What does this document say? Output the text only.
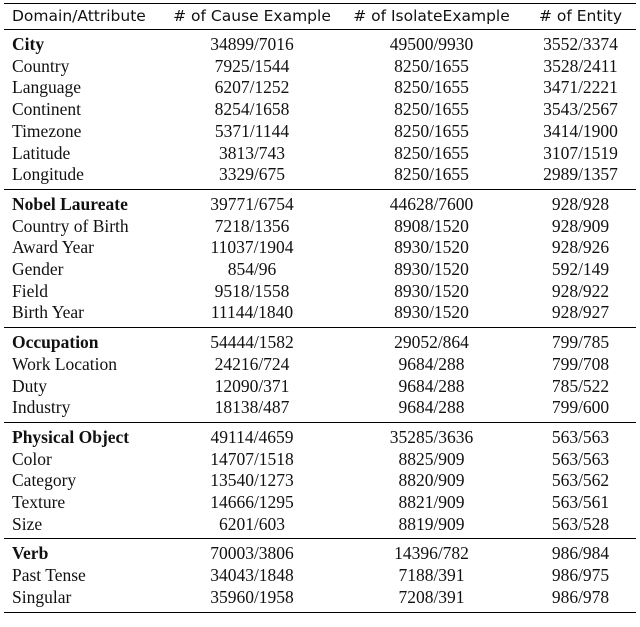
Domain/Attribute	# of Cause Example	# of IsolateExample	# of Entity
City	34899/7016	49500/9930	3552/3374
Country	7925/1544	8250/1655	3528/2411
Language	6207/1252	8250/1655	3471/2221
Continent	8254/1658	8250/1655	3543/2567
Timezone	5371/1144	8250/1655	3414/1900
Latitude	3813/743	8250/1655	3107/1519
Longitude	3329/675	8250/1655	2989/1357
Nobel Laureate	39771/6754	44628/7600	928/928
Country of Birth	7218/1356	8908/1520	928/909
Award Year	11037/1904	8930/1520	928/926
Gender	854/96	8930/1520	592/149
Field	9518/1558	8930/1520	928/922
Birth Year	11144/1840	8930/1520	928/927
Occupation	54444/1582	29052/864	799/785
Work Location	24216/724	9684/288	799/708
Duty	12090/371	9684/288	785/522
Industry	18138/487	9684/288	799/600
Physical Object	49114/4659	35285/3636	563/563
Color	14707/1518	8825/909	563/563
Category	13540/1273	8820/909	563/562
Texture	14666/1295	8821/909	563/561
Size	6201/603	8819/909	563/528
Verb	70003/3806	14396/782	986/984
Past Tense	34043/1848	7188/391	986/975
Singular	35960/1958	7208/391	986/978
